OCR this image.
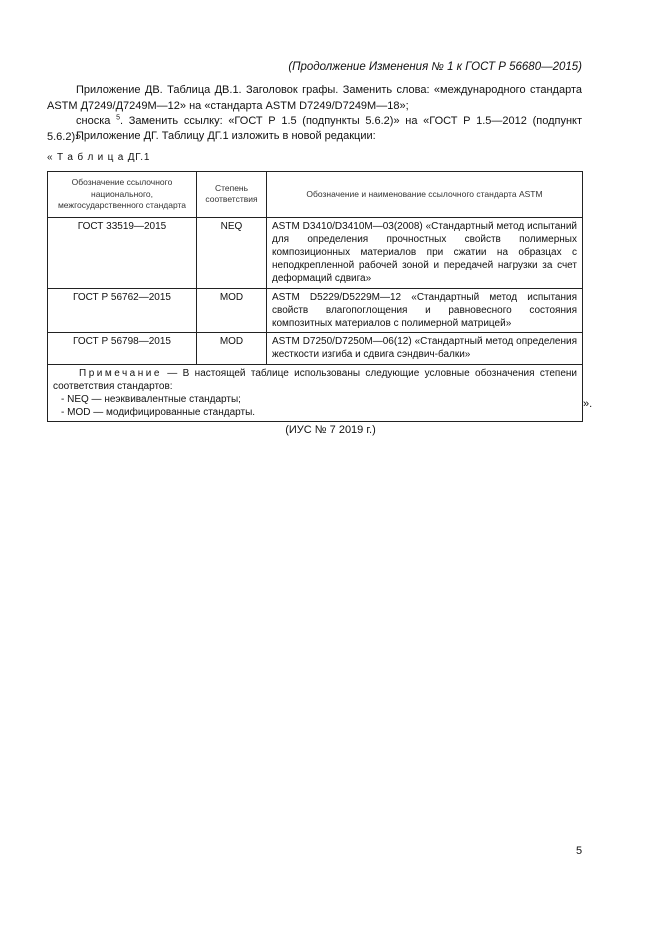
(Продолжение Изменения № 1 к ГОСТ Р 56680—2015)
Приложение ДВ. Таблица ДВ.1. Заголовок графы. Заменить слова: «международного стандарта ASTM Д7249/Д7249М—12» на «стандарта ASTM D7249/D7249M—18»;
сноска $^5$. Заменить ссылку: «ГОСТ Р 1.5 (подпункты 5.6.2)» на «ГОСТ Р 1.5—2012 (подпункт 5.6.2)».
Приложение ДГ. Таблицу ДГ.1 изложить в новой редакции:
« Т а б л и ц а ДГ.1
Обозначение ссылочного национального, межгосударственного стандарта	Степень соответствия	Обозначение и наименование ссылочного стандарта ASTM
ГОСТ 33519—2015	NEQ	ASTM D3410/D3410M—03(2008) «Стандартный метод испытаний для определения прочностных свойств полимерных композиционных материалов при сжатии на образцах с неподкрепленной рабочей зоной и передачей нагрузки за счет деформаций сдвига»
ГОСТ Р 56762—2015	MOD	ASTM D5229/D5229M—12 «Стандартный метод испытания свойств влагопоглощения и равновесного состояния композитных материалов с полимерной матрицей»
ГОСТ Р 56798—2015	MOD	ASTM D7250/D7250M—06(12) «Стандартный метод определения жесткости изгиба и сдвига сэндвич-балки»

Примечание — В настоящей таблице использованы следующие условные обозначения степени соответствия стандартов:
- NEQ — неэквивалентные стандарты;
- MOD — модифицированные стандарты.		
».
(ИУС № 7 2019 г.)
5
